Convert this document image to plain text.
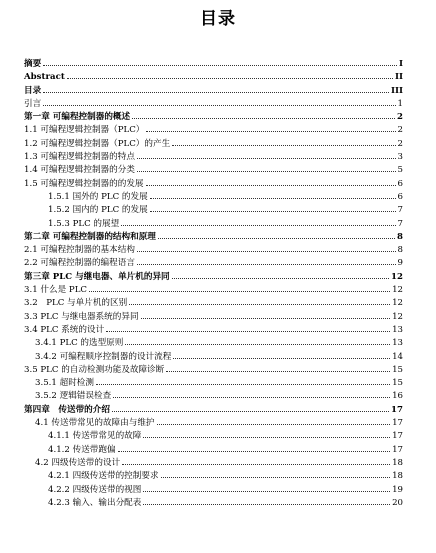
目录
摘要	I
Abstract	II
目录	III
引言	1
第一章 可编程控制器的概述	2
1.1 可编程逻辑控制器（PLC）	2
1.2 可编程逻辑控制器（PLC）的产生	2
1.3 可编程逻辑控制器的特点	3
1.4 可编程逻辑控制器的分类	5
1.5 可编程逻辑控制器的的发展	6
1.5.1 国外的 PLC 的发展	6
1.5.2 国内的 PLC 的发展	7
1.5.3 PLC 的展望	7
第二章 可编程控制器的结构和原理	8
2.1 可编程控制器的基本结构	8
2.2 可编程控制器的编程语言	9
第三章 PLC 与继电器、单片机的异同	12
3.1 什么是 PLC	12
3.2　PLC 与单片机的区别	12
3.3 PLC 与继电器系统的异同	12
3.4 PLC 系统的设计	13
3.4.1 PLC 的选型原则	13
3.4.2 可编程顺序控制器的设计流程	14
3.5 PLC 的自动检测功能及故障诊断	15
3.5.1 超时检测	15
3.5.2 逻辑错误检查	16
第四章　传送带的介绍	17
4.1 传送带常见的故障由与维护	17
4.1.1 传送带常见的故障	17
4.1.2 传送带跑偏	17
4.2 四级传送带的设计	18
4.2.1 四级传送带的控制要求	18
4.2.2 四级传送带的视图	19
4.2.3 输入、输出分配表	20
